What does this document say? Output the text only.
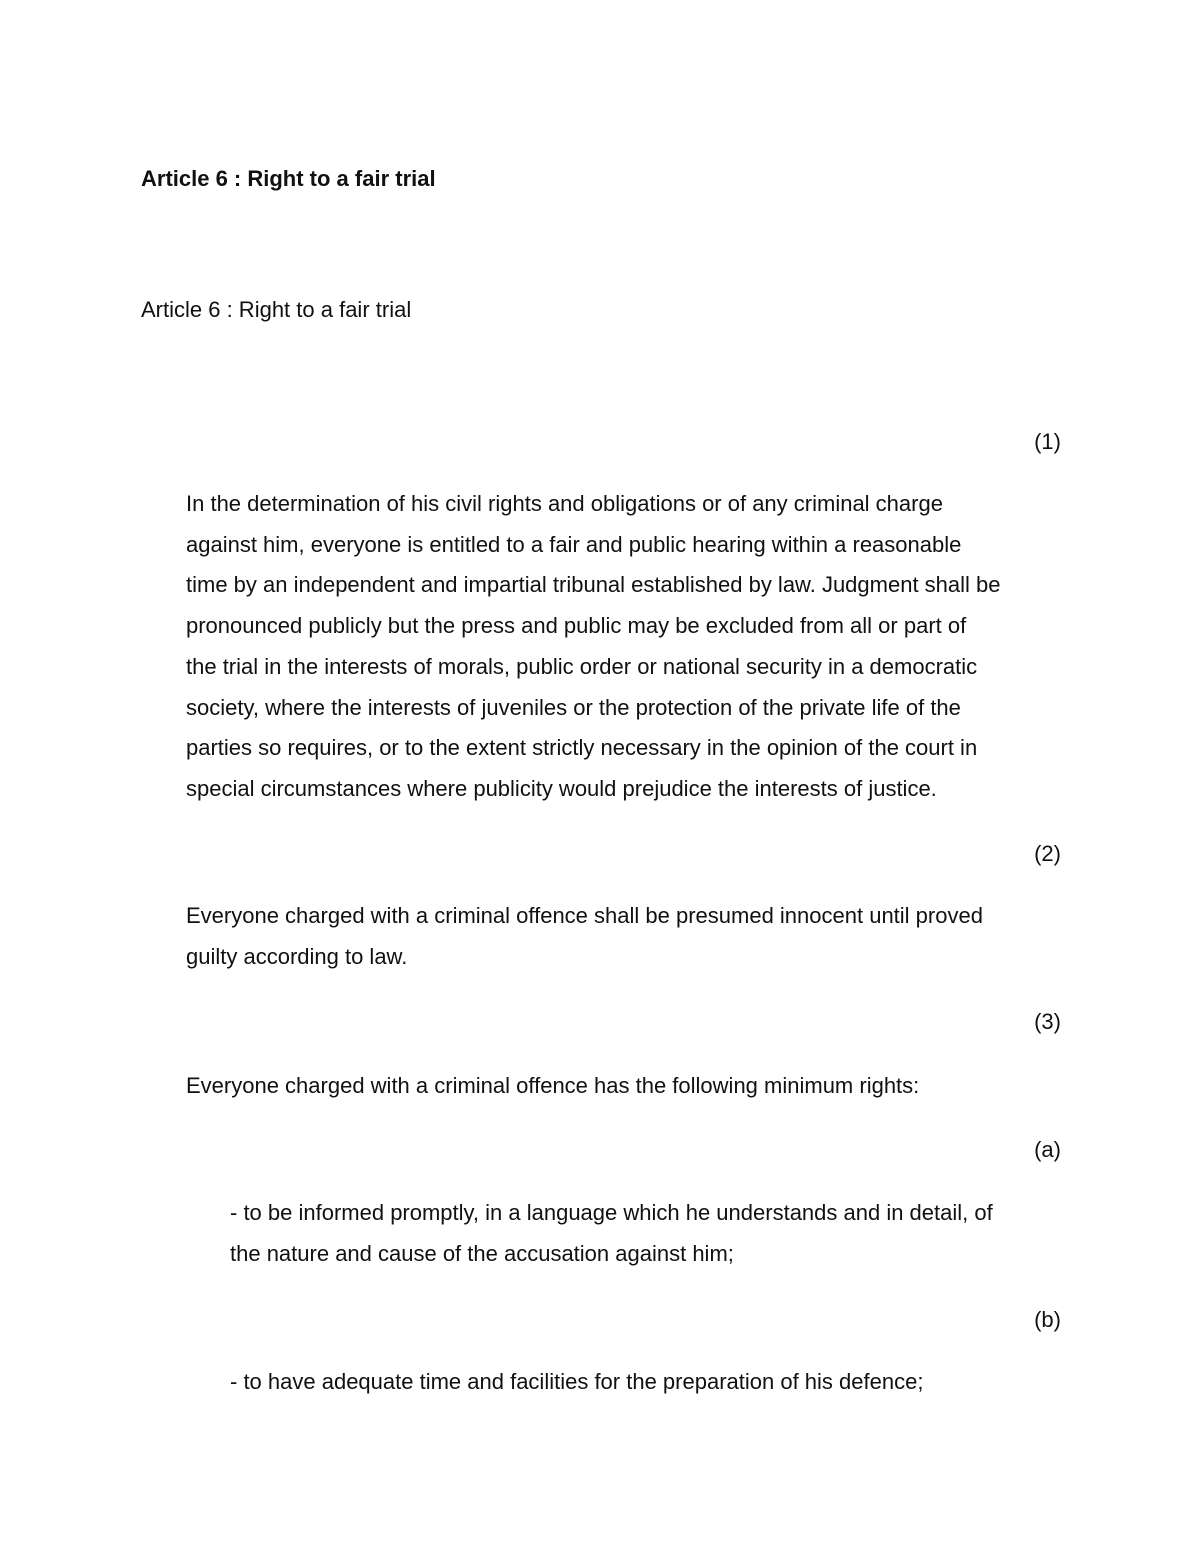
Article 6 : Right to a fair trial
Article 6 : Right to a fair trial
(1)
In the determination of his civil rights and obligations or of any criminal charge
against him, everyone is entitled to a fair and public hearing within a reasonable
time by an independent and impartial tribunal established by law. Judgment shall be
pronounced publicly but the press and public may be excluded from all or part of
the trial in the interests of morals, public order or national security in a democratic
society, where the interests of juveniles or the protection of the private life of the
parties so requires, or to the extent strictly necessary in the opinion of the court in
special circumstances where publicity would prejudice the interests of justice.
(2)
Everyone charged with a criminal offence shall be presumed innocent until proved
guilty according to law.
(3)
Everyone charged with a criminal offence has the following minimum rights:
(a)
- to be informed promptly, in a language which he understands and in detail, of
the nature and cause of the accusation against him;
(b)
- to have adequate time and facilities for the preparation of his defence;
